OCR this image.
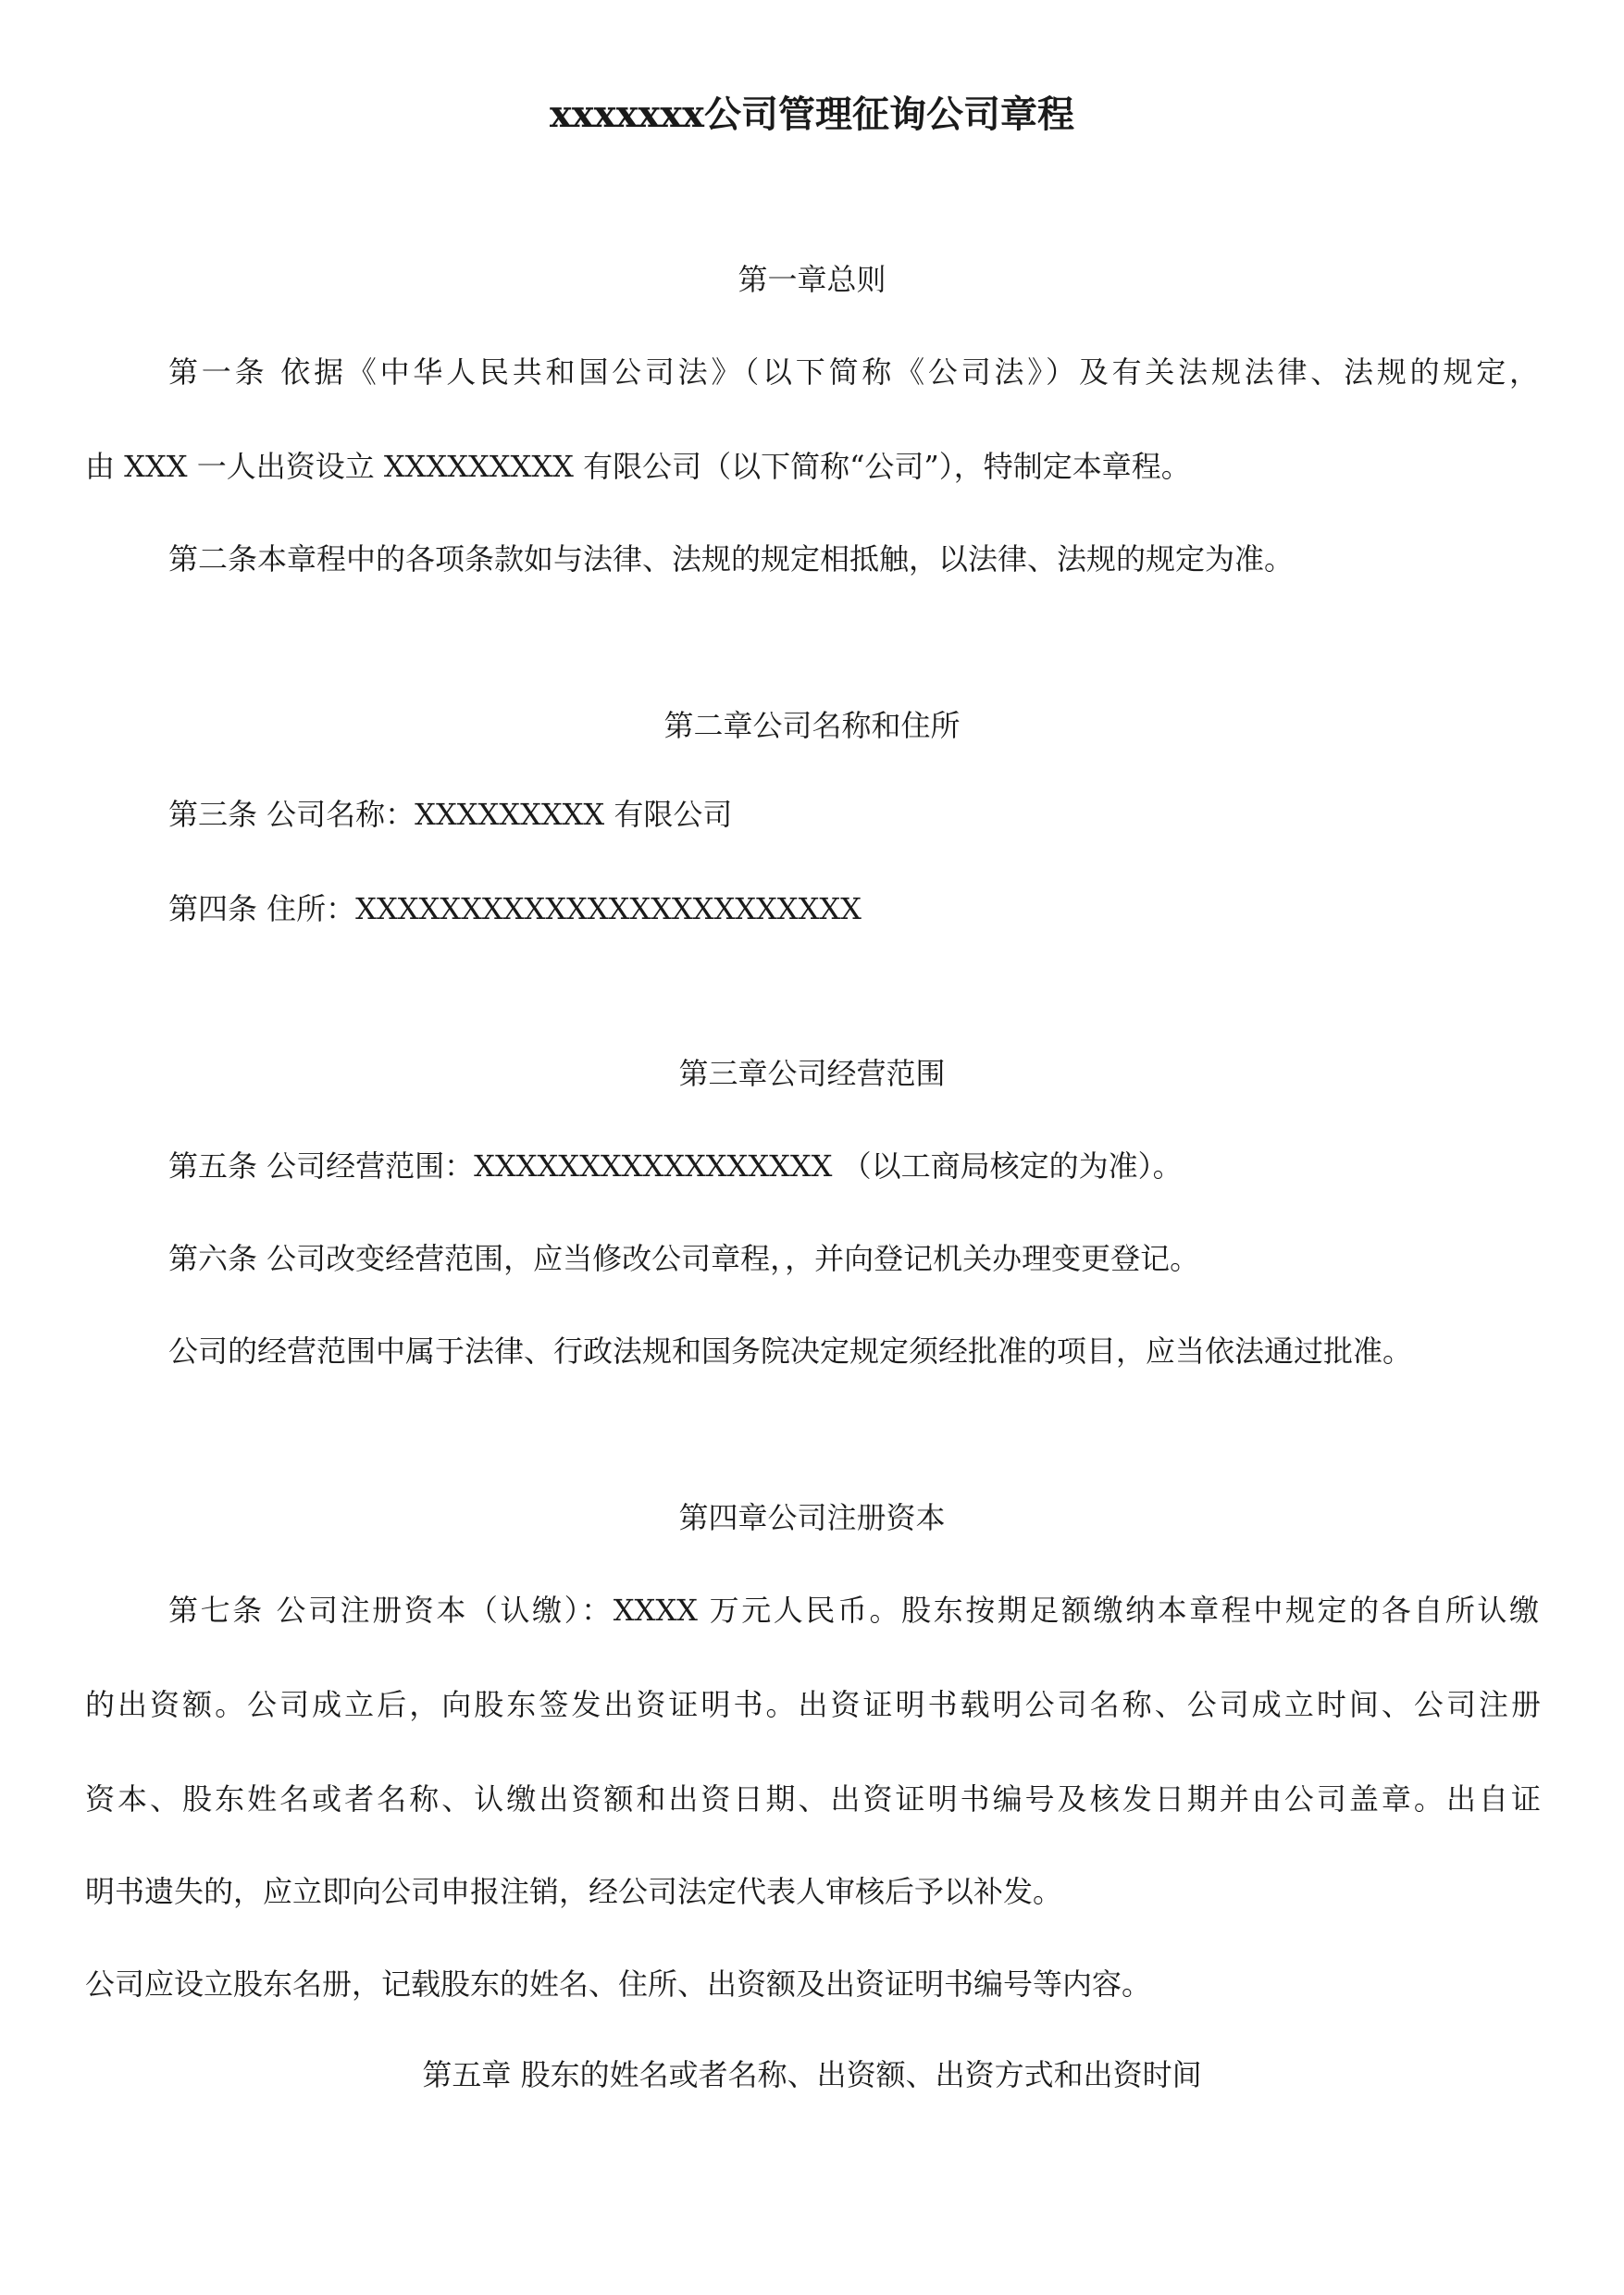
xxxxxxx公司管理征询公司章程

第一章总则

第一条 依据《中华人民共和国公司法》（以下简称《公司法》）及有关法规法律、法规的规定，

由 XXX 一人出资设立 XXXXXXXXX 有限公司（以下简称“公司”），特制定本章程。

第二条本章程中的各项条款如与法律、法规的规定相抵触，以法律、法规的规定为准。

第二章公司名称和住所

第三条 公司名称：XXXXXXXXX 有限公司

第四条 住所：XXXXXXXXXXXXXXXXXXXXXXXX

第三章公司经营范围

第五条 公司经营范围：XXXXXXXXXXXXXXXXX （以工商局核定的为准）。

第六条 公司改变经营范围，应当修改公司章程，，并向登记机关办理变更登记。

公司的经营范围中属于法律、行政法规和国务院决定规定须经批准的项目，应当依法通过批准。

第四章公司注册资本

第七条 公司注册资本（认缴）：XXXX 万元人民币。股东按期足额缴纳本章程中规定的各自所认缴

的出资额。公司成立后，向股东签发出资证明书。出资证明书载明公司名称、公司成立时间、公司注册

资本、股东姓名或者名称、认缴出资额和出资日期、出资证明书编号及核发日期并由公司盖章。出自证

明书遗失的，应立即向公司申报注销，经公司法定代表人审核后予以补发。

公司应设立股东名册，记载股东的姓名、住所、出资额及出资证明书编号等内容。

第五章 股东的姓名或者名称、出资额、出资方式和出资时间
